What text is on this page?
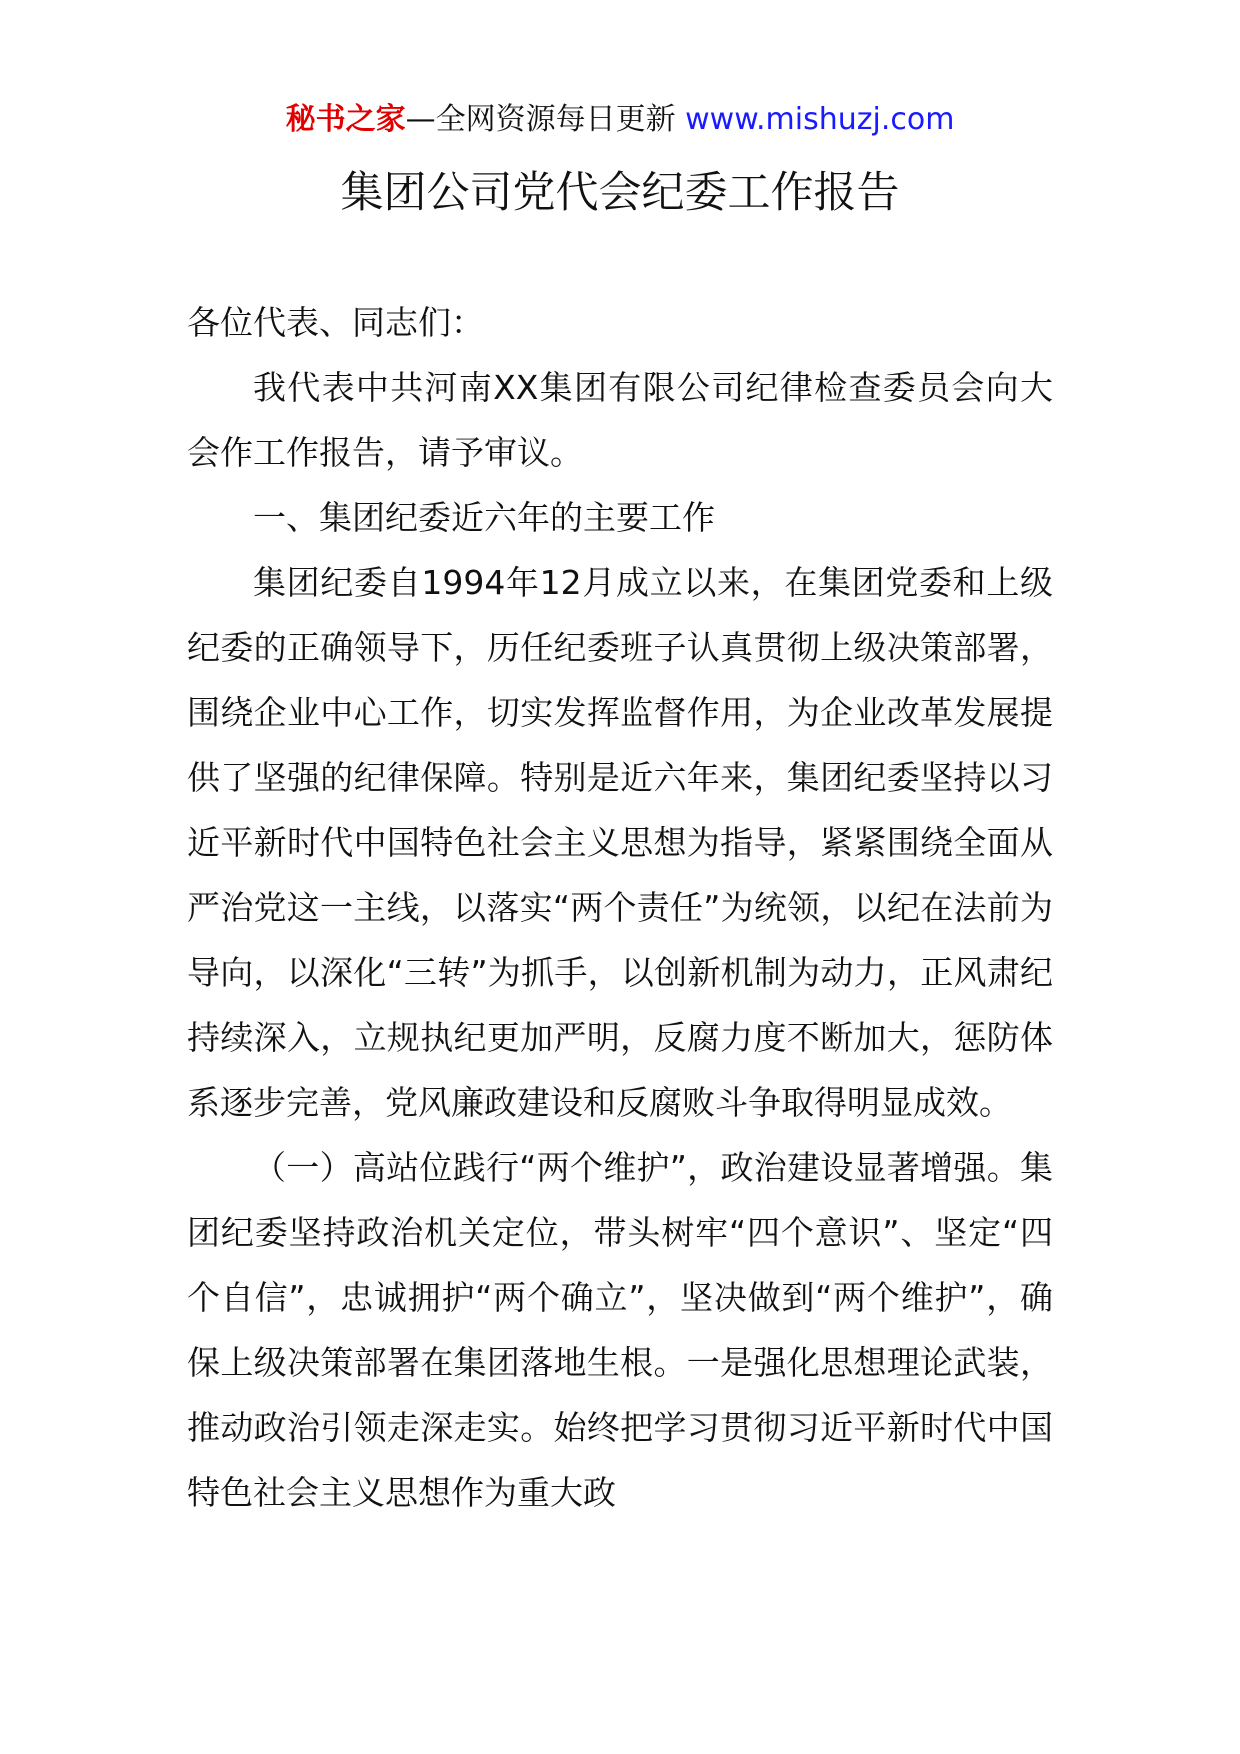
秘书之家—全网资源每日更新 www.mishuzj.com
集团公司党代会纪委工作报告

各位代表、同志们：

我代表中共河南XX集团有限公司纪律检查委员会向大会作工作报告，请予审议。

一、集团纪委近六年的主要工作

集团纪委自1994年12月成立以来，在集团党委和上级纪委的正确领导下，历任纪委班子认真贯彻上级决策部署，围绕企业中心工作，切实发挥监督作用，为企业改革发展提供了坚强的纪律保障。特别是近六年来，集团纪委坚持以习近平新时代中国特色社会主义思想为指导，紧紧围绕全面从严治党这一主线，以落实“两个责任”为统领，以纪在法前为导向，以深化“三转”为抓手，以创新机制为动力，正风肃纪持续深入，立规执纪更加严明，反腐力度不断加大，惩防体系逐步完善，党风廉政建设和反腐败斗争取得明显成效。

（一）高站位践行“两个维护”，政治建设显著增强。集团纪委坚持政治机关定位，带头树牢“四个意识”、坚定“四个自信”，忠诚拥护“两个确立”，坚决做到“两个维护”，确保上级决策部署在集团落地生根。一是强化思想理论武装，推动政治引领走深走实。始终把学习贯彻习近平新时代中国特色社会主义思想作为重大政
